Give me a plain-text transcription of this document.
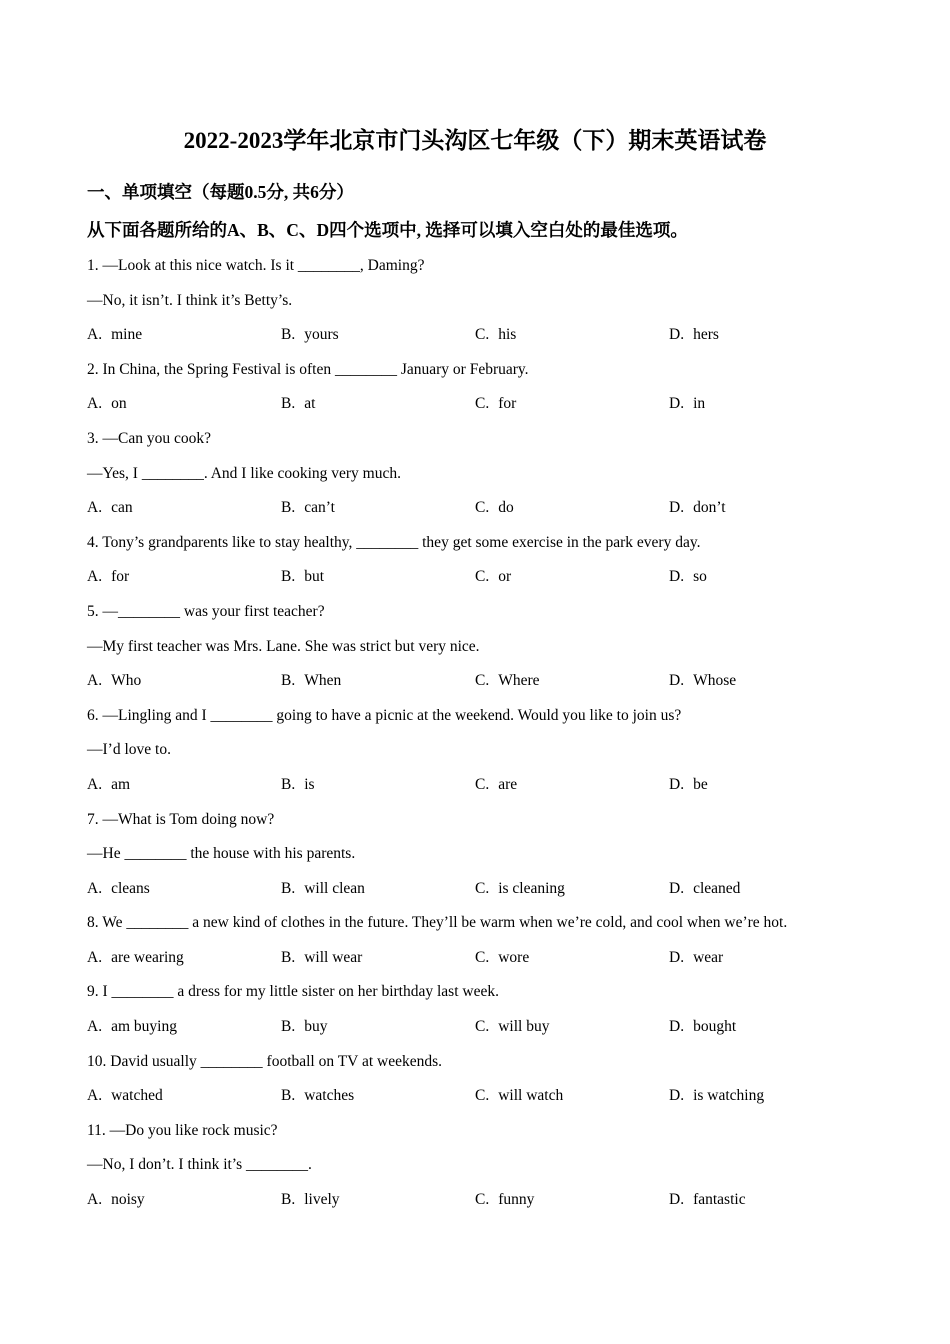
2022-2023学年北京市门头沟区七年级（下）期末英语试卷
一、单项填空（每题0.5分, 共6分）
从下面各题所给的A、B、C、D四个选项中, 选择可以填入空白处的最佳选项。
1. —Look at this nice watch. Is it ________, Daming?
—No, it isn’t. I think it’s Betty’s.
A. mine	B. yours	C. his	D. hers
2. In China, the Spring Festival is often ________ January or February.
A. on	B. at	C. for	D. in
3. —Can you cook?
—Yes, I ________. And I like cooking very much.
A. can	B. can’t	C. do	D. don’t
4. Tony’s grandparents like to stay healthy, ________ they get some exercise in the park every day.
A. for	B. but	C. or	D. so
5. —________ was your first teacher?
—My first teacher was Mrs. Lane. She was strict but very nice.
A. Who	B. When	C. Where	D. Whose
6. —Lingling and I ________ going to have a picnic at the weekend. Would you like to join us?
—I’d love to.
A. am	B. is	C. are	D. be
7. —What is Tom doing now?
—He ________ the house with his parents.
A. cleans	B. will clean	C. is cleaning	D. cleaned
8. We ________ a new kind of clothes in the future. They’ll be warm when we’re cold, and cool when we’re hot.
A. are wearing	B. will wear	C. wore	D. wear
9. I ________ a dress for my little sister on her birthday last week.
A. am buying	B. buy	C. will buy	D. bought
10. David usually ________ football on TV at weekends.
A. watched	B. watches	C. will watch	D. is watching
11. —Do you like rock music?
—No, I don’t. I think it’s ________.
A. noisy	B. lively	C. funny	D. fantastic
